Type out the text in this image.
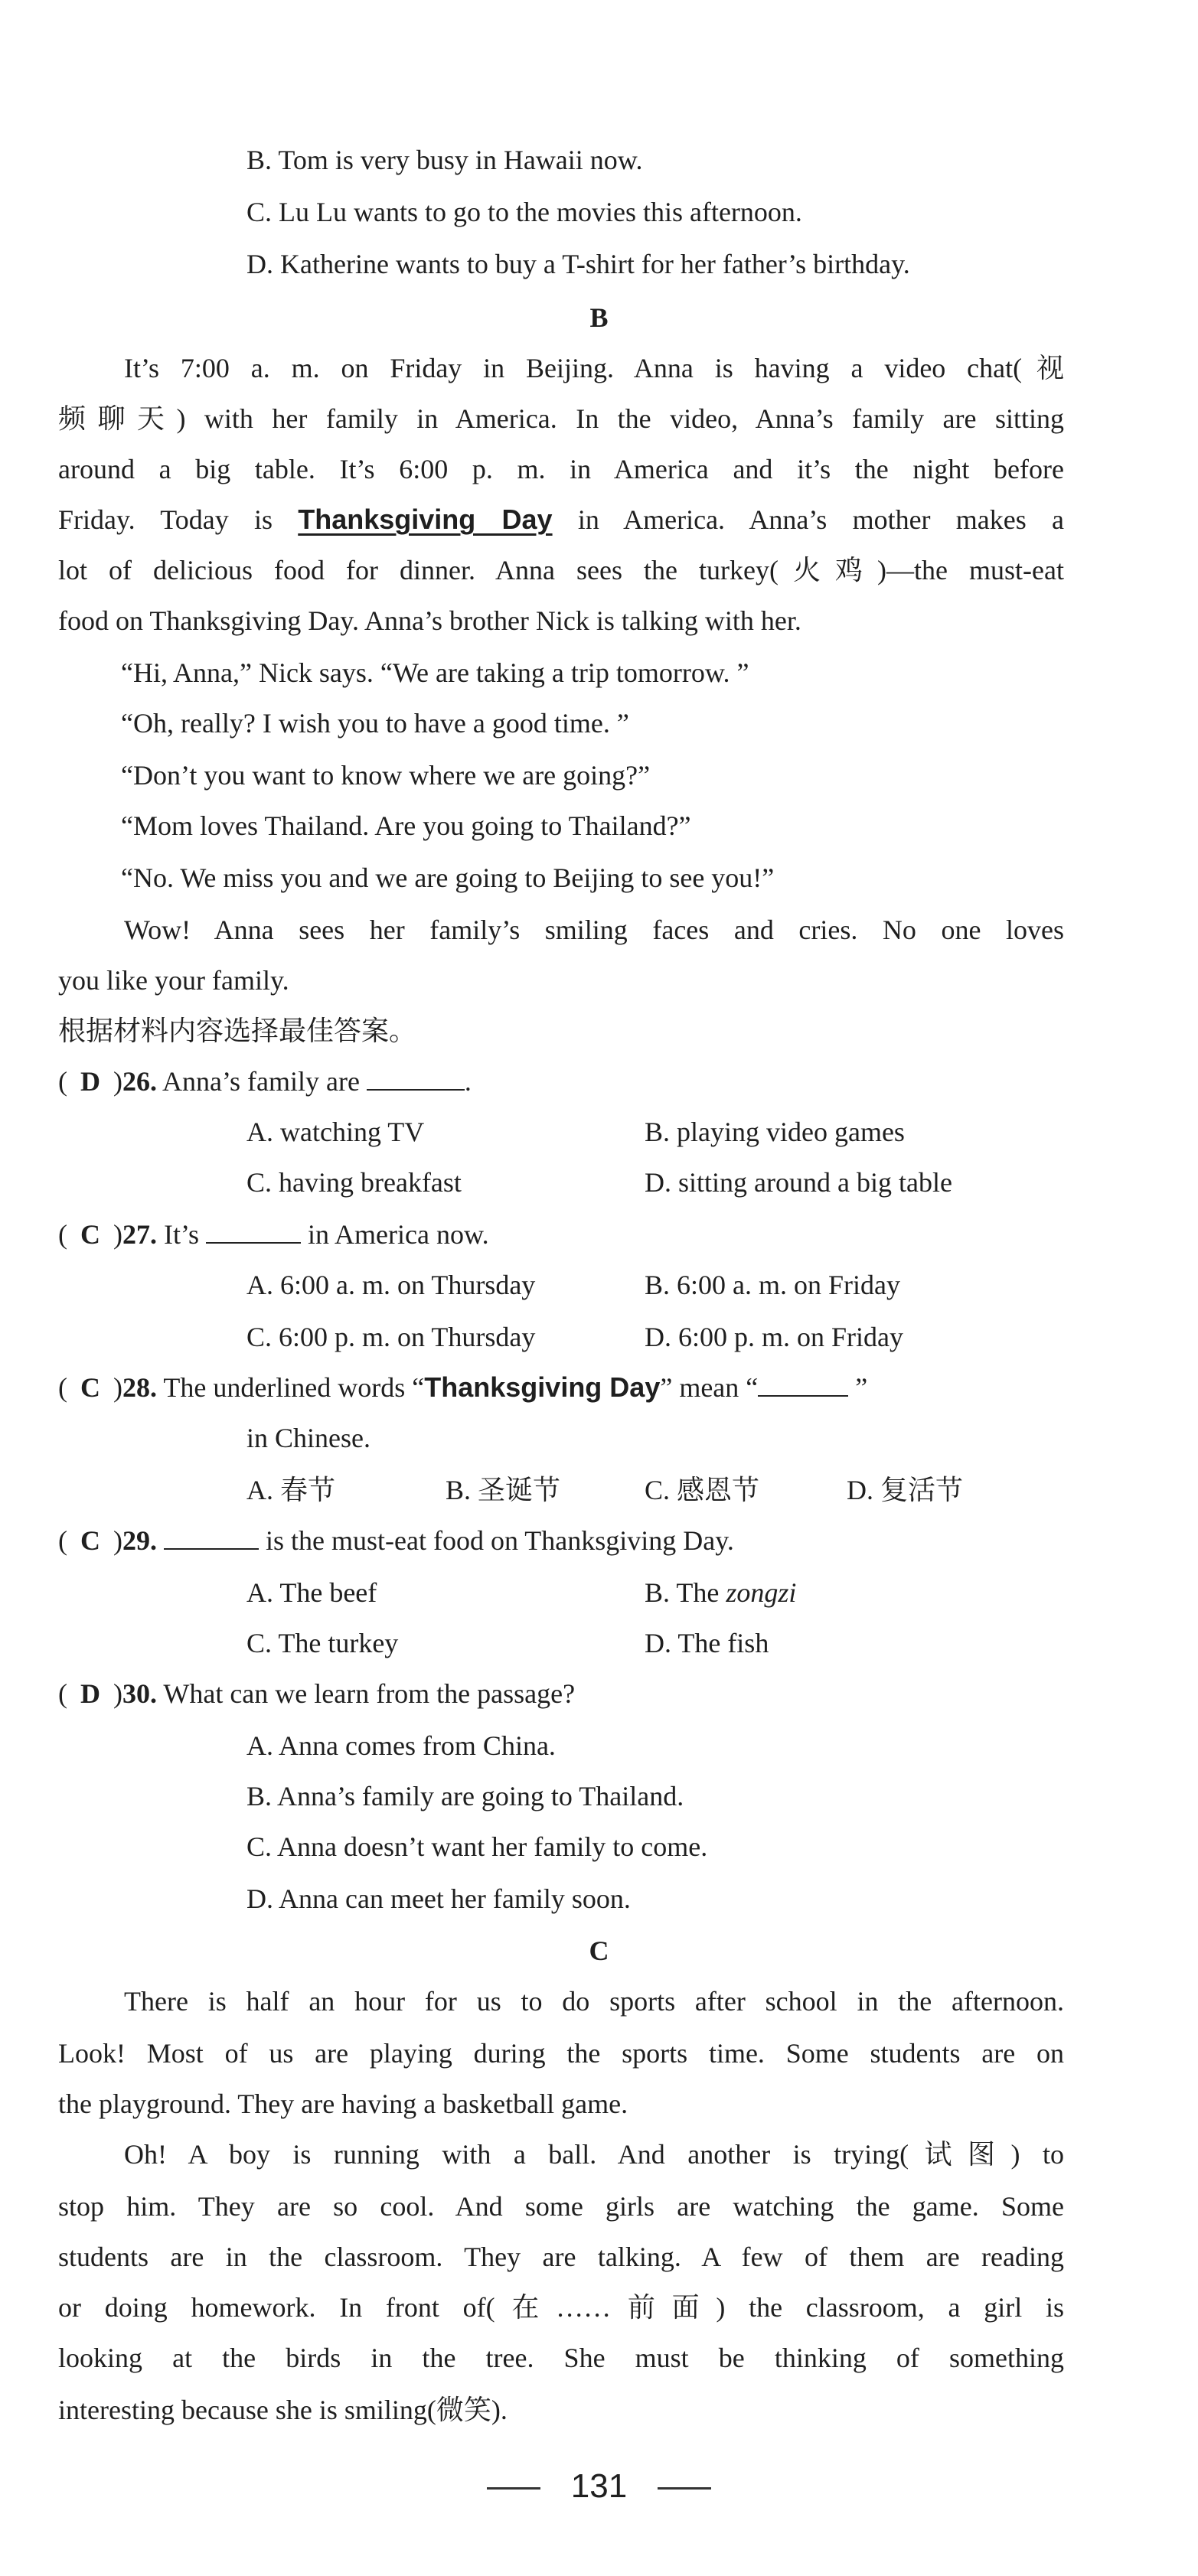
B. Tom is very busy in Hawaii now.
C. Lu Lu wants to go to the movies this afternoon.
D. Katherine wants to buy a T-shirt for her father’s birthday.
B
It’s 7:00 a. m. on Friday in Beijing. Anna is having a video chat(视
频聊天) with her family in America. In the video, Anna’s family are sitting
around a big table. It’s 6:00 p. m. in America and it’s the night before
Friday. Today is Thanksgiving Day in America. Anna’s mother makes a
lot of delicious food for dinner. Anna sees the turkey(火鸡)—the must-eat
food on Thanksgiving Day. Anna’s brother Nick is talking with her.
“Hi, Anna,” Nick says. “We are taking a trip tomorrow. ”
“Oh, really? I wish you to have a good time. ”
“Don’t you want to know where we are going?”
“Mom loves Thailand. Are you going to Thailand?”
“No. We miss you and we are going to Beijing to see you!”
Wow! Anna sees her family’s smiling faces and cries. No one loves
you like your family.
根据材料内容选择最佳答案。
( D )26. Anna’s family are	.
A. watching TV	B. playing video games
C. having breakfast	D. sitting around a big table
( C )27. It’s	in America now.
A. 6:00 a. m. on Thursday	B. 6:00 a. m. on Friday
C. 6:00 p. m. on Thursday	D. 6:00 p. m. on Friday
( C )28. The underlined words “Thanksgiving Day” mean “	”
in Chinese.
A. 春节	B. 圣诞节	C. 感恩节	D. 复活节
( C )29.	is the must-eat food on Thanksgiving Day.
A. The beef	B. The zongzi
C. The turkey	D. The fish
( D )30. What can we learn from the passage?
A. Anna comes from China.
B. Anna’s family are going to Thailand.
C. Anna doesn’t want her family to come.
D. Anna can meet her family soon.
C
There is half an hour for us to do sports after school in the afternoon.
Look! Most of us are playing during the sports time. Some students are on
the playground. They are having a basketball game.
Oh! A boy is running with a ball. And another is trying(试图) to
stop him. They are so cool. And some girls are watching the game. Some
students are in the classroom. They are talking. A few of them are reading
or doing homework. In front of(在……前面) the classroom, a girl is
looking at the birds in the tree. She must be thinking of something
interesting because she is smiling(微笑).
131
